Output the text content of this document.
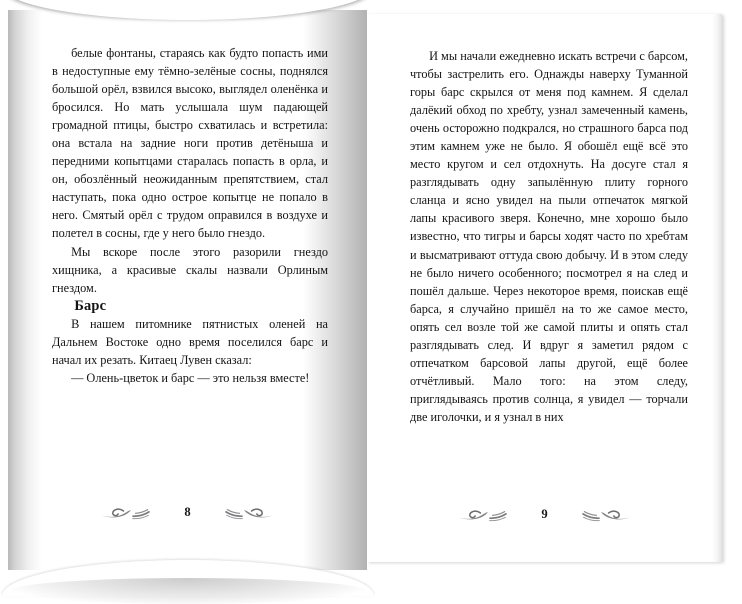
белые фонтаны, стараясь как будто попасть ими в недоступные ему тёмно-зелёные сосны, поднялся большой орёл, взвился высоко, выглядел оленёнка и бросился. Но мать услышала шум падающей громадной птицы, быстро схватилась и встретила: она встала на задние ноги против детёныша и передними копытцами старалась попасть в орла, и он, обозлённый неожиданным препятствием, стал наступать, пока одно острое копытце не попало в него. Смятый орёл с трудом оправился в воздухе и полетел в сосны, где у него было гнездо.

Мы вскоре после этого разорили гнездо хищника, а красивые скалы назвали Орлиным гнездом.

Барс

В нашем питомнике пятнистых оленей на Дальнем Востоке одно время поселился барс и начал их резать. Китаец Лувен сказал:

— Олень-цветок и барс — это нельзя вместе!

8

И мы начали ежедневно искать встречи с барсом, чтобы застрелить его. Однажды наверху Туманной горы барс скрылся от меня под камнем. Я сделал далёкий обход по хребту, узнал замеченный камень, очень осторожно подкрался, но страшного барса под этим камнем уже не было. Я обошёл ещё всё это место кругом и сел отдохнуть. На досуге стал я разглядывать одну запылённую плиту горного сланца и ясно увидел на пыли отпечаток мягкой лапы красивого зверя. Конечно, мне хорошо было известно, что тигры и барсы ходят часто по хребтам и высматривают оттуда свою добычу. И в этом следу не было ничего особенного; посмотрел я на след и пошёл дальше. Через некоторое время, поискав ещё барса, я случайно пришёл на то же самое место, опять сел возле той же самой плиты и опять стал разглядывать след. И вдруг я заметил рядом с отпечатком барсовой лапы другой, ещё более отчётливый. Мало того: на этом следу, приглядываясь против солнца, я увидел — торчали две иголочки, и я узнал в них

9
